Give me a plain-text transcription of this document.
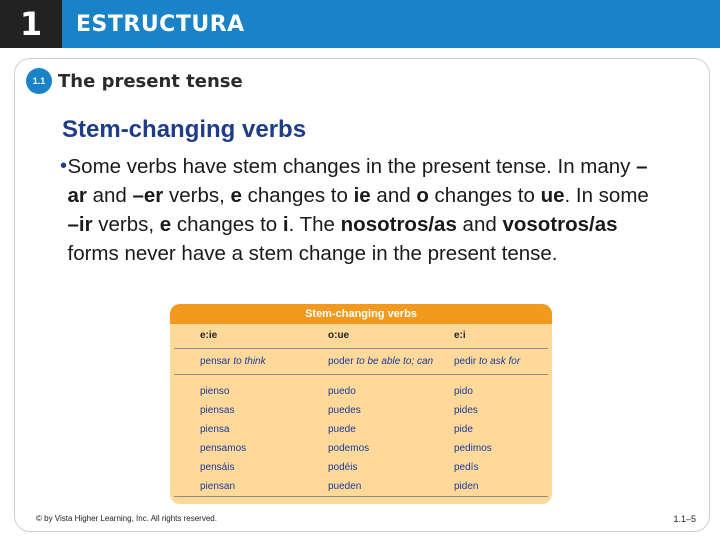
1	ESTRUCTURA
1.1 The present tense
Stem-changing verbs
• Some verbs have stem changes in the present tense. In many –ar and –er verbs, e changes to ie and o changes to ue. In some –ir verbs, e changes to i. The nosotros/as and vosotros/as forms never have a stem change in the present tense.
Stem-changing verbs
e:ie
pensar to think
pienso
piensas
piensa
pensamos
pensáis
piensan
o:ue
poder to be able to; can
puedo
puedes
puede
podemos
podéis
pueden
e:i
pedir to ask for
pido
pides
pide
pedimos
pedís
piden
© by Vista Higher Learning, Inc. All rights reserved.	1.1–5
